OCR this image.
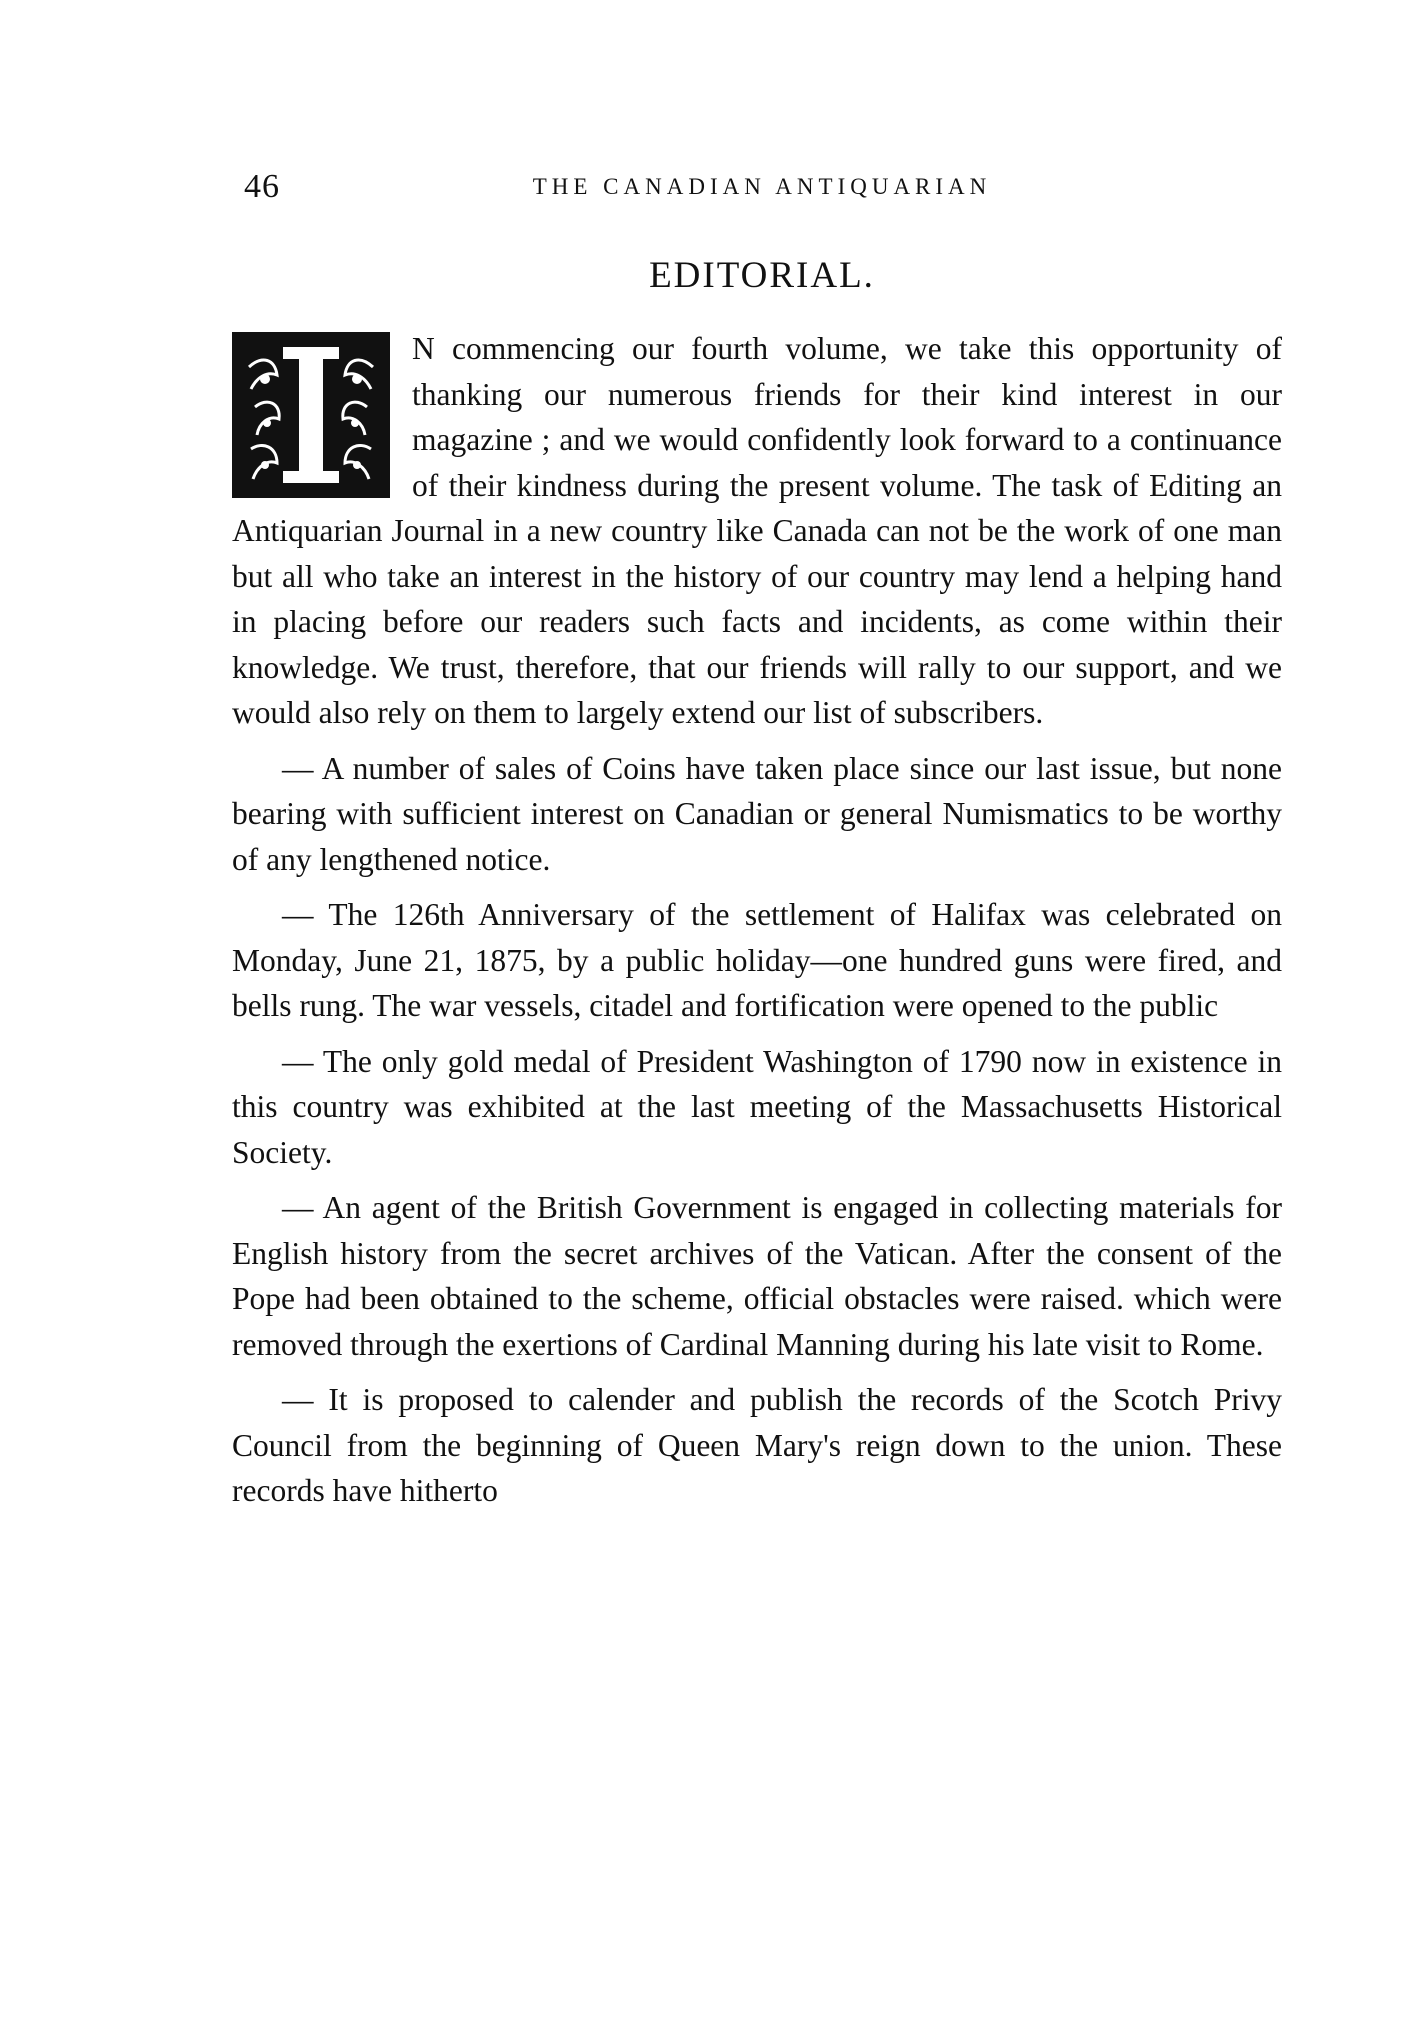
46	THE CANADIAN ANTIQUARIAN
EDITORIAL.

N commencing our fourth volume, we take this opportunity of thanking our numerous friends for their kind interest in our magazine ; and we would confidently look forward to a continuance of their kindness during the present volume. The task of Editing an Antiquarian Journal in a new country like Canada can not be the work of one man but all who take an interest in the history of our country may lend a helping hand in placing before our readers such facts and incidents, as come within their knowledge. We trust, therefore, that our friends will rally to our support, and we would also rely on them to largely extend our list of subscribers.

— A number of sales of Coins have taken place since our last issue, but none bearing with sufficient interest on Canadian or general Numismatics to be worthy of any lengthened notice.

— The 126th Anniversary of the settlement of Halifax was celebrated on Monday, June 21, 1875, by a public holiday—one hundred guns were fired, and bells rung. The war vessels, citadel and fortification were opened to the public

— The only gold medal of President Washington of 1790 now in existence in this country was exhibited at the last meeting of the Massachusetts Historical Society.

— An agent of the British Government is engaged in collecting materials for English history from the secret archives of the Vatican. After the consent of the Pope had been obtained to the scheme, official obstacles were raised. which were removed through the exertions of Cardinal Manning during his late visit to Rome.

— It is proposed to calender and publish the records of the Scotch Privy Council from the beginning of Queen Mary's reign down to the union. These records have hitherto
